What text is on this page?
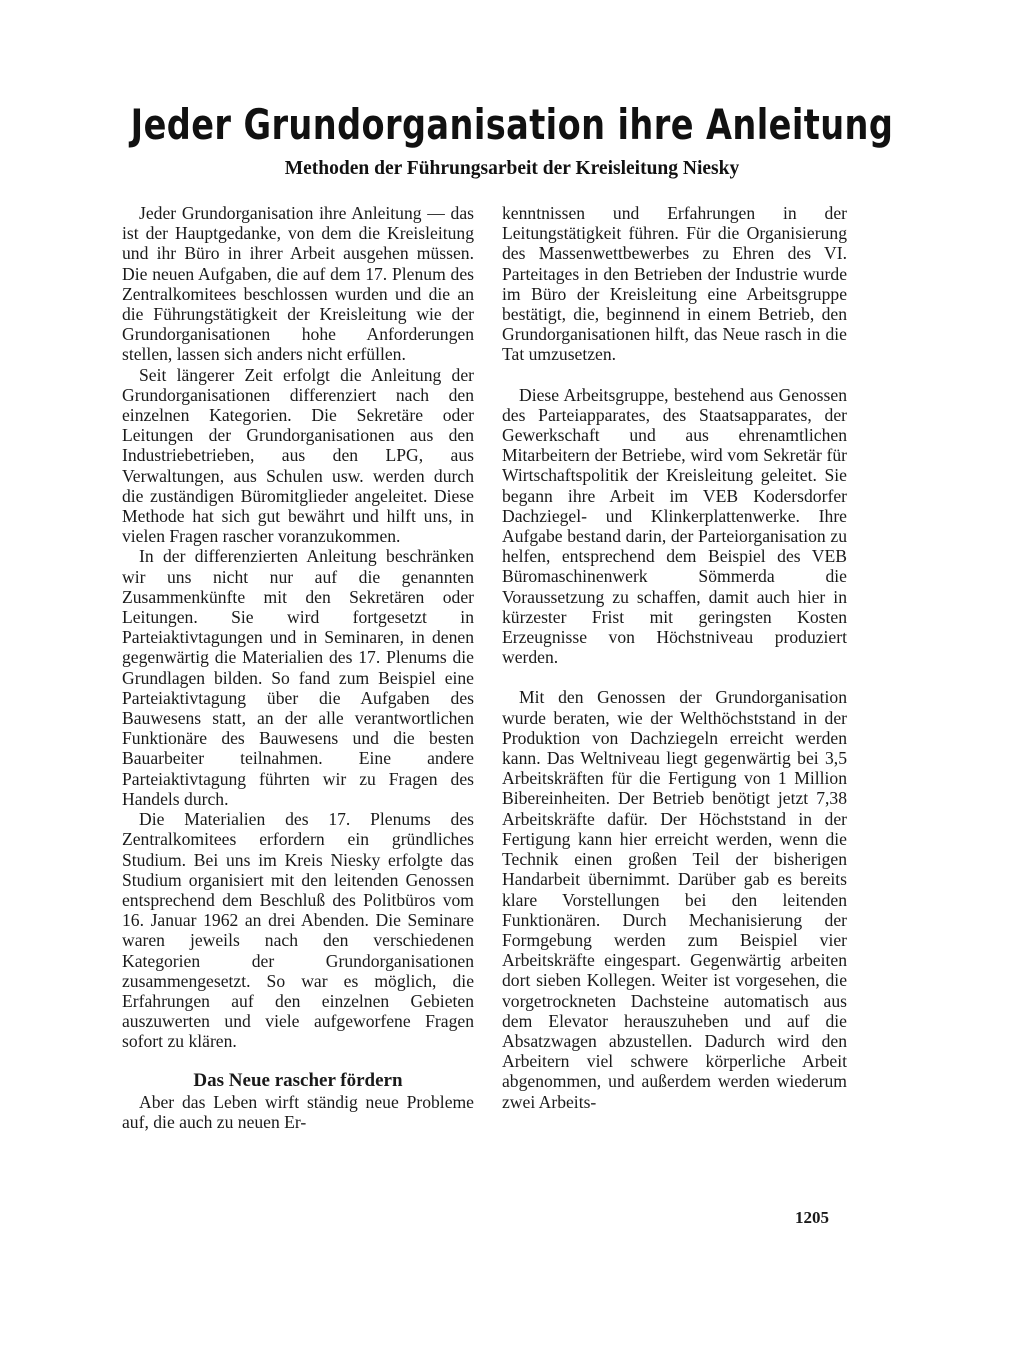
Jeder Grundorganisation ihre Anleitung
Methoden der Führungsarbeit der Kreisleitung Niesky

Jeder Grundorganisation ihre Anleitung — das ist der Hauptgedanke, von dem die Kreisleitung und ihr Büro in ihrer Arbeit ausgehen müssen. Die neuen Aufgaben, die auf dem 17. Plenum des Zentralkomitees beschlossen wurden und die an die Führungstätigkeit der Kreisleitung wie der Grundorganisationen hohe Anforderungen stellen, lassen sich anders nicht erfüllen.

Seit längerer Zeit erfolgt die Anleitung der Grundorganisationen differenziert nach den einzelnen Kategorien. Die Sekretäre oder Leitungen der Grundorganisationen aus den Industriebetrieben, aus den LPG, aus Verwaltungen, aus Schulen usw. werden durch die zuständigen Büromitglieder angeleitet. Diese Methode hat sich gut bewährt und hilft uns, in vielen Fragen rascher voranzukommen.

In der differenzierten Anleitung beschränken wir uns nicht nur auf die genannten Zusammenkünfte mit den Sekretären oder Leitungen. Sie wird fortgesetzt in Parteiaktivtagungen und in Seminaren, in denen gegenwärtig die Materialien des 17. Plenums die Grundlagen bilden. So fand zum Beispiel eine Parteiaktivtagung über die Aufgaben des Bauwesens statt, an der alle verantwortlichen Funktionäre des Bauwesens und die besten Bauarbeiter teilnahmen. Eine andere Parteiaktivtagung führten wir zu Fragen des Handels durch.

Die Materialien des 17. Plenums des Zentralkomitees erfordern ein gründliches Studium. Bei uns im Kreis Niesky erfolgte das Studium organisiert mit den leitenden Genossen entsprechend dem Beschluß des Politbüros vom 16. Januar 1962 an drei Abenden. Die Seminare waren jeweils nach den verschiedenen Kategorien der Grundorganisationen zusammengesetzt. So war es möglich, die Erfahrungen auf den einzelnen Gebieten auszuwerten und viele aufgeworfene Fragen sofort zu klären.

Das Neue rascher fördern

Aber das Leben wirft ständig neue Probleme auf, die auch zu neuen Er-

kenntnissen und Erfahrungen in der Leitungstätigkeit führen. Für die Organisierung des Massenwettbewerbes zu Ehren des VI. Parteitages in den Betrieben der Industrie wurde im Büro der Kreisleitung eine Arbeitsgruppe bestätigt, die, beginnend in einem Betrieb, den Grundorganisationen hilft, das Neue rasch in die Tat umzusetzen.

Diese Arbeitsgruppe, bestehend aus Genossen des Parteiapparates, des Staatsapparates, der Gewerkschaft und aus ehrenamtlichen Mitarbeitern der Betriebe, wird vom Sekretär für Wirtschaftspolitik der Kreisleitung geleitet. Sie begann ihre Arbeit im VEB Kodersdorfer Dachziegel- und Klinkerplattenwerke. Ihre Aufgabe bestand darin, der Parteiorganisation zu helfen, entsprechend dem Beispiel des VEB Büromaschinenwerk Sömmerda die Voraussetzung zu schaffen, damit auch hier in kürzester Frist mit geringsten Kosten Erzeugnisse von Höchstniveau produziert werden.

Mit den Genossen der Grundorganisation wurde beraten, wie der Welthöchststand in der Produktion von Dachziegeln erreicht werden kann. Das Weltniveau liegt gegenwärtig bei 3,5 Arbeitskräften für die Fertigung von 1 Million Bibereinheiten. Der Betrieb benötigt jetzt 7,38 Arbeitskräfte dafür. Der Höchststand in der Fertigung kann hier erreicht werden, wenn die Technik einen großen Teil der bisherigen Handarbeit übernimmt. Darüber gab es bereits klare Vorstellungen bei den leitenden Funktionären. Durch Mechanisierung der Formgebung werden zum Beispiel vier Arbeitskräfte eingespart. Gegenwärtig arbeiten dort sieben Kollegen. Weiter ist vorgesehen, die vorgetrockneten Dachsteine automatisch aus dem Elevator herauszuheben und auf die Absatzwagen abzustellen. Dadurch wird den Arbeitern viel schwere körperliche Arbeit abgenommen, und außerdem werden wiederum zwei Arbeits-

1205
